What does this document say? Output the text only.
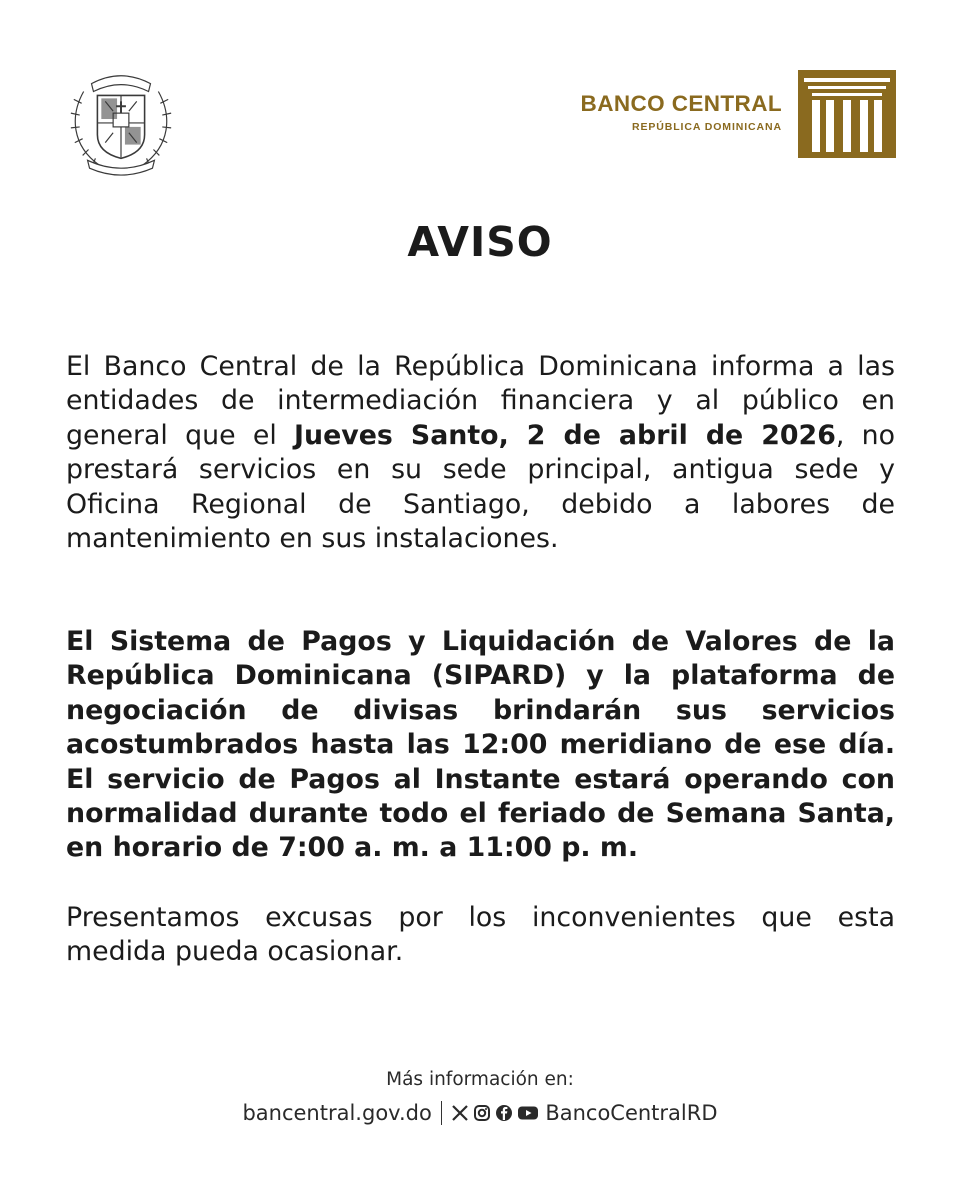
BANCO CENTRAL
REPÚBLICA DOMINICANA
AVISO

El Banco Central de la República Dominicana informa a las entidades de intermediación financiera y al público en general que el Jueves Santo, 2 de abril de 2026, no prestará servicios en su sede principal, antigua sede y Oficina Regional de Santiago, debido a labores de mantenimiento en sus instalaciones.

El Sistema de Pagos y Liquidación de Valores de la República Dominicana (SIPARD) y la plataforma de negociación de divisas brindarán sus servicios acostumbrados hasta las 12:00 meridiano de ese día. El servicio de Pagos al Instante estará operando con normalidad durante todo el feriado de Semana Santa, en horario de 7:00 a. m. a 11:00 p. m.

Presentamos excusas por los inconvenientes que esta medida pueda ocasionar.

Más información en:
bancentral.gov.do	BancoCentralRD
